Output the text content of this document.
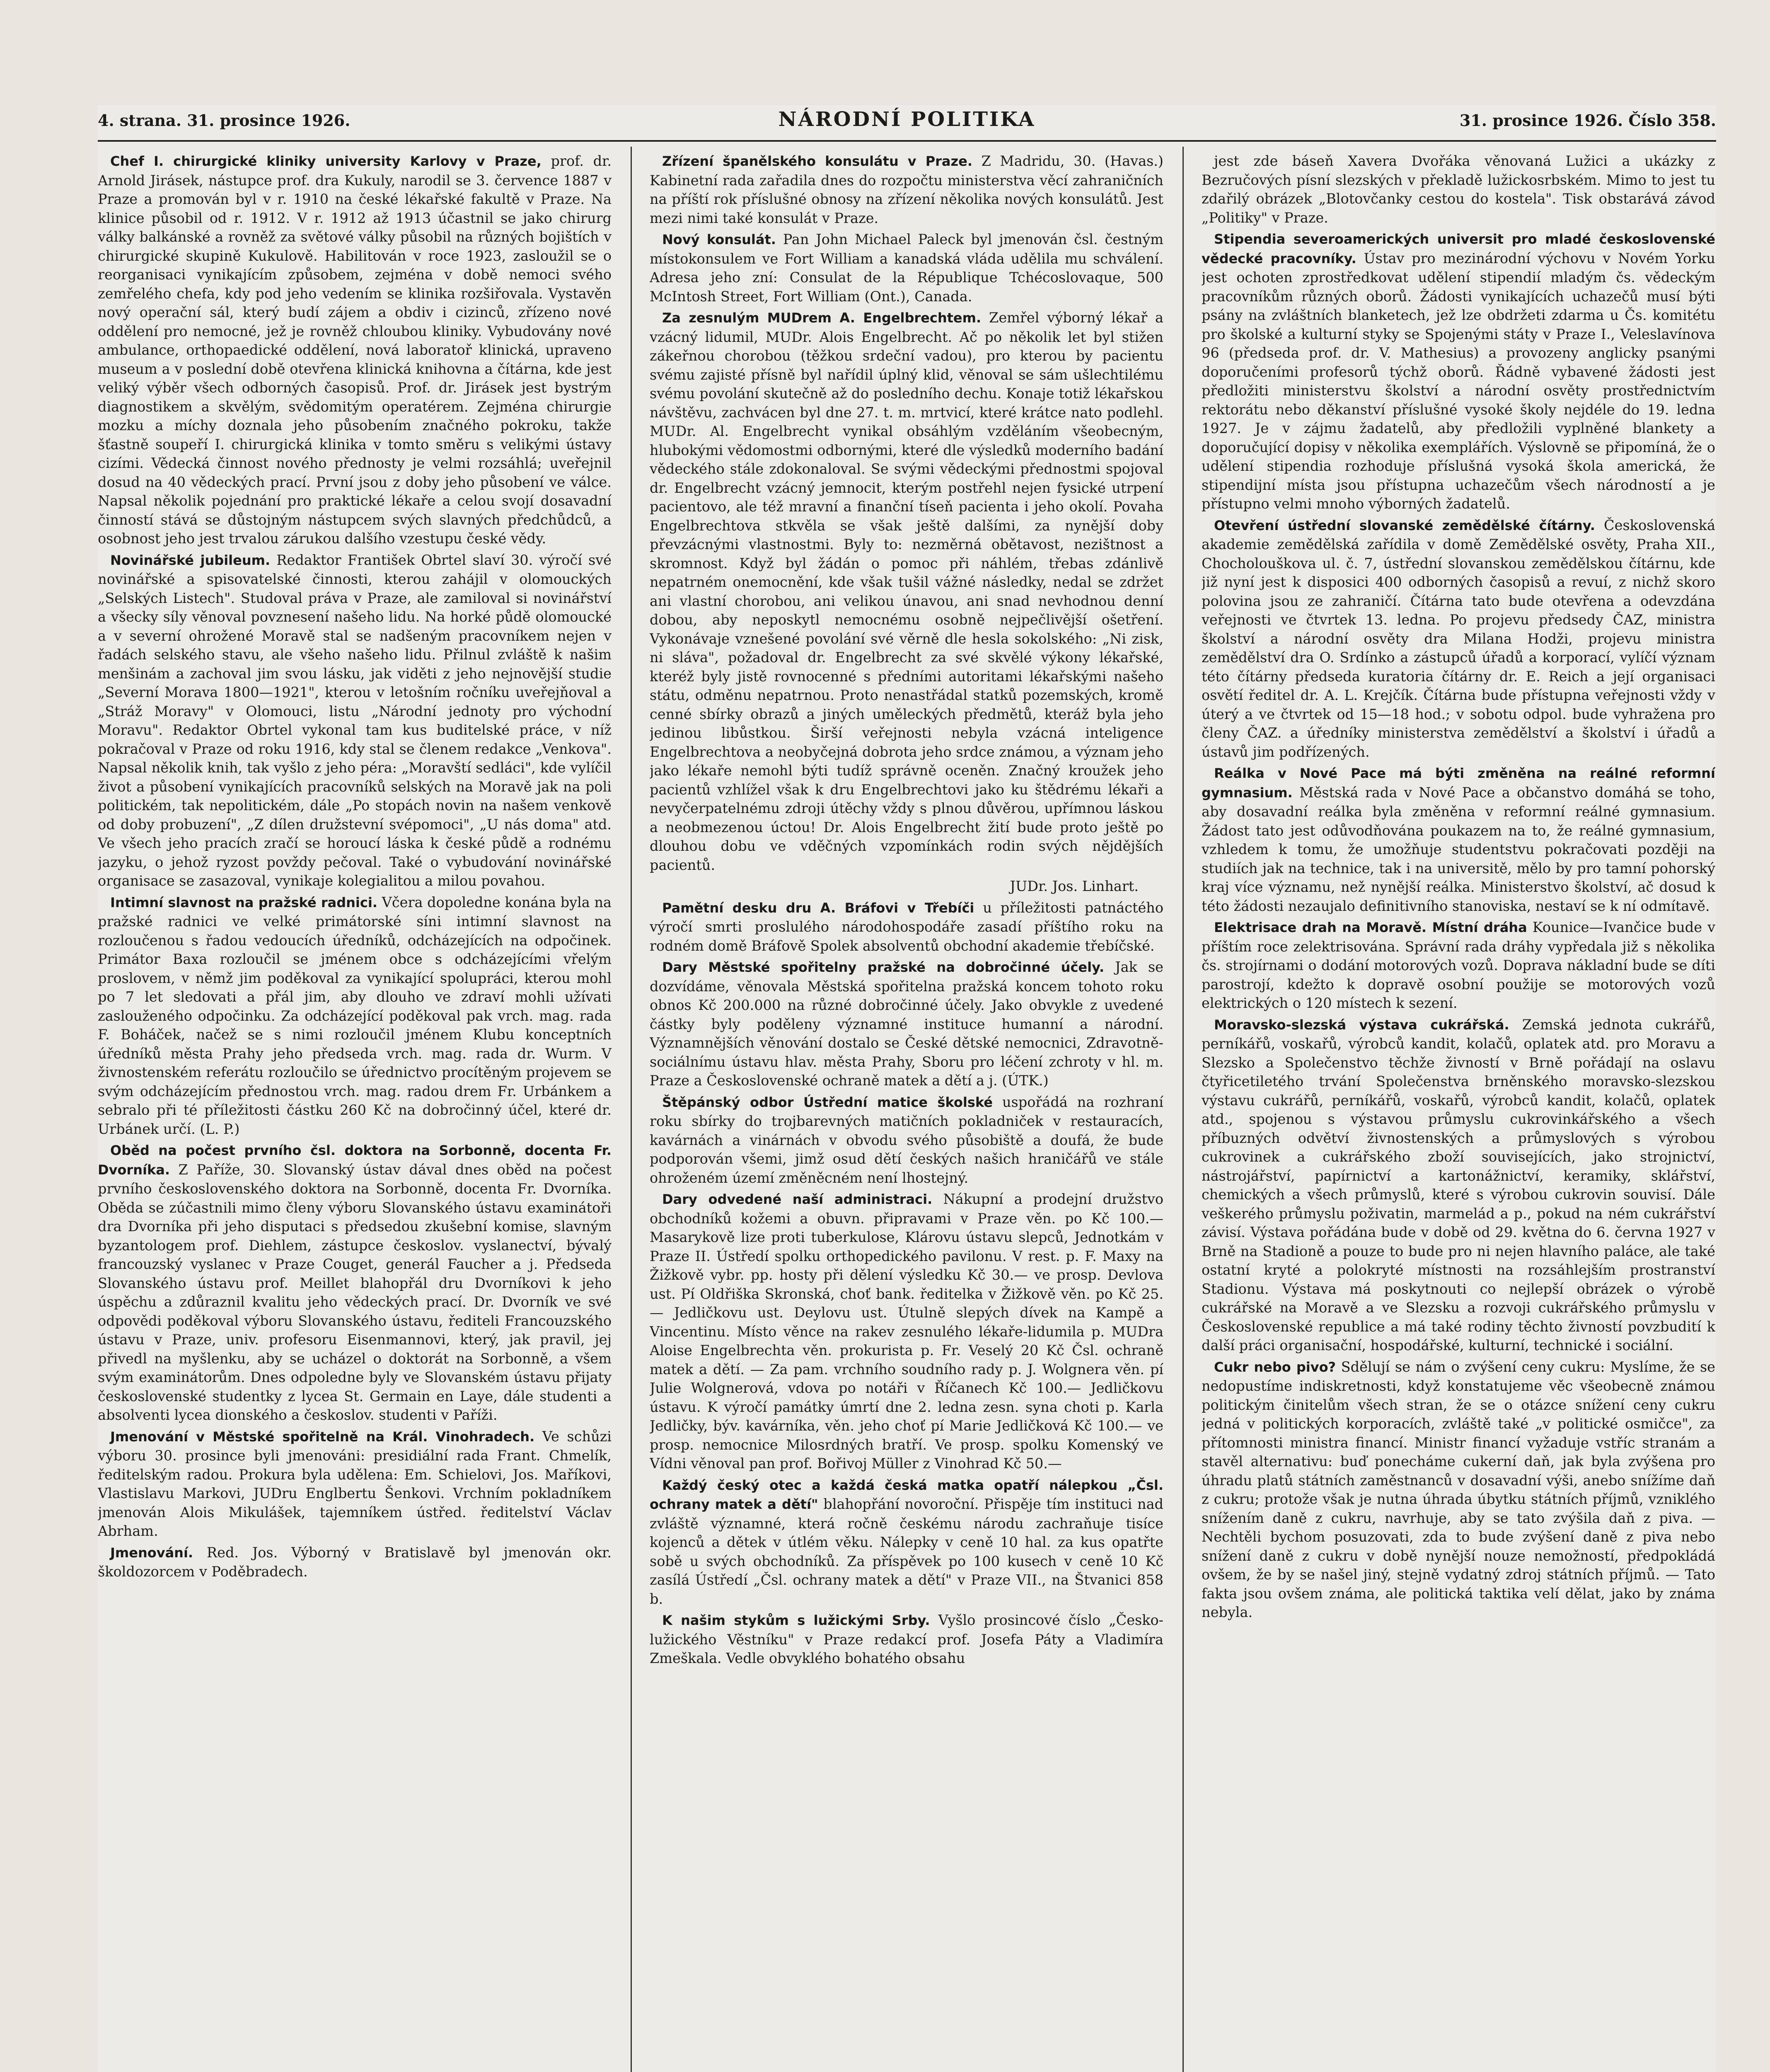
4. strana. 31. prosince 1926.	NÁRODNÍ POLITIKA	31. prosince 1926. Číslo 358.

Chef I. chirurgické kliniky university Karlovy v Praze, prof. dr. Arnold Jirásek, nástupce prof. dra Kukuly, narodil se 3. července 1887 v Praze a promován byl v r. 1910 na české lékařské fakultě v Praze. Na klinice působil od r. 1912. V r. 1912 až 1913 účastnil se jako chirurg války balkánské a rovněž za světové války působil na různých bojištích v chirurgické skupině Kukulově. Habilitován v roce 1923, zasloužil se o reorganisaci vynikajícím způsobem, zejména v době nemoci svého zemřelého chefa, kdy pod jeho vedením se klinika rozšiřovala. Vystavěn nový operační sál, který budí zájem a obdiv i cizinců, zřízeno nové oddělení pro nemocné, jež je rovněž chloubou kliniky. Vybudovány nové ambulance, orthopaedické oddělení, nová laboratoř klinická, upraveno museum a v poslední době otevřena klinická knihovna a čítárna, kde jest veliký výběr všech odborných časopisů. Prof. dr. Jirásek jest bystrým diagnostikem a skvělým, svědomitým operatérem. Zejména chirurgie mozku a míchy doznala jeho působením značného pokroku, takže šťastně soupeří I. chirurgická klinika v tomto směru s velikými ústavy cizími. Vědecká činnost nového přednosty je velmi rozsáhlá; uveřejnil dosud na 40 vědeckých prací. První jsou z doby jeho působení ve válce. Napsal několik pojednání pro praktické lékaře a celou svojí dosavadní činností stává se důstojným nástupcem svých slavných předchůdců, a osobnost jeho jest trvalou zárukou dalšího vzestupu české vědy.

Novinářské jubileum. Redaktor František Obrtel slaví 30. výročí své novinářské a spisovatelské činnosti, kterou zahájil v olomouckých „Selských Listech". Studoval práva v Praze, ale zamiloval si novinářství a všecky síly věnoval povznesení našeho lidu. Na horké půdě olomoucké a v severní ohrožené Moravě stal se nadšeným pracovníkem nejen v řadách selského stavu, ale všeho našeho lidu. Přilnul zvláště k našim menšinám a zachoval jim svou lásku, jak viděti z jeho nejnovější studie „Severní Morava 1800—1921", kterou v letošním ročníku uveřejňoval a „Stráž Moravy" v Olomouci, listu „Národní jednoty pro východní Moravu". Redaktor Obrtel vykonal tam kus buditelské práce, v níž pokračoval v Praze od roku 1916, kdy stal se členem redakce „Venkova". Napsal několik knih, tak vyšlo z jeho péra: „Moravští sedláci", kde vylíčil život a působení vynikajících pracovníků selských na Moravě jak na poli politickém, tak nepolitickém, dále „Po stopách novin na našem venkově od doby probuzení", „Z dílen družstevní svépomoci", „U nás doma" atd. Ve všech jeho pracích zračí se horoucí láska k české půdě a rodnému jazyku, o jehož ryzost povždy pečoval. Také o vybudování novinářské organisace se zasazoval, vynikaje kolegialitou a milou povahou.

Intimní slavnost na pražské radnici. Včera dopoledne konána byla na pražské radnici ve velké primátorské síni intimní slavnost na rozloučenou s řadou vedoucích úředníků, odcházejících na odpočinek. Primátor Baxa rozloučil se jménem obce s odcházejícími vřelým proslovem, v němž jim poděkoval za vynikající spolupráci, kterou mohl po 7 let sledovati a přál jim, aby dlouho ve zdraví mohli užívati zaslouženého odpočinku. Za odcházející poděkoval pak vrch. mag. rada F. Boháček, načež se s nimi rozloučil jménem Klubu konceptních úředníků města Prahy jeho předseda vrch. mag. rada dr. Wurm. V živnostenském referátu rozloučilo se úřednictvo procítěným projevem se svým odcházejícím přednostou vrch. mag. radou drem Fr. Urbánkem a sebralo při té příležitosti částku 260 Kč na dobročinný účel, které dr. Urbánek určí. (L. P.)

Oběd na počest prvního čsl. doktora na Sorbonně, docenta Fr. Dvorníka. Z Paříže, 30. Slovanský ústav dával dnes oběd na počest prvního československého doktora na Sorbonně, docenta Fr. Dvorníka. Oběda se zúčastnili mimo členy výboru Slovanského ústavu examinátoři dra Dvorníka při jeho disputaci s předsedou zkušební komise, slavným byzantologem prof. Diehlem, zástupce českoslov. vyslanectví, bývalý francouzský vyslanec v Praze Couget, generál Faucher a j. Předseda Slovanského ústavu prof. Meillet blahopřál dru Dvorníkovi k jeho úspěchu a zdůraznil kvalitu jeho vědeckých prací. Dr. Dvorník ve své odpovědi poděkoval výboru Slovanského ústavu, řediteli Francouzského ústavu v Praze, univ. profesoru Eisenmannovi, který, jak pravil, jej přivedl na myšlenku, aby se ucházel o doktorát na Sorbonně, a všem svým examinátorům. Dnes odpoledne byly ve Slovanském ústavu přijaty československé studentky z lycea St. Germain en Laye, dále studenti a absolventi lycea dionského a českoslov. studenti v Paříži.

Jmenování v Městské spořitelně na Král. Vinohradech. Ve schůzi výboru 30. prosince byli jmenováni: presidiální rada Frant. Chmelík, ředitelským radou. Prokura byla udělena: Em. Schielovi, Jos. Maříkovi, Vlastislavu Markovi, JUDru Englbertu Šenkovi. Vrchním pokladníkem jmenován Alois Mikulášek, tajemníkem ústřed. ředitelství Václav Abrham.

Jmenování. Red. Jos. Výborný v Bratislavě byl jmenován okr. školdozorcem v Poděbradech.

Zřízení španělského konsulátu v Praze. Z Madridu, 30. (Havas.) Kabinetní rada zařadila dnes do rozpočtu ministerstva věcí zahraničních na příští rok příslušné obnosy na zřízení několika nových konsulátů. Jest mezi nimi také konsulát v Praze.

Nový konsulát. Pan John Michael Paleck byl jmenován čsl. čestným místokonsulem ve Fort William a kanadská vláda udělila mu schválení. Adresa jeho zní: Consulat de la République Tchécoslovaque, 500 McIntosh Street, Fort William (Ont.), Canada.

Za zesnulým MUDrem A. Engelbrechtem. Zemřel výborný lékař a vzácný lidumil, MUDr. Alois Engelbrecht. Ač po několik let byl stižen zákeřnou chorobou (těžkou srdeční vadou), pro kterou by pacientu svému zajisté přísně byl nařídil úplný klid, věnoval se sám ušlechtilému svému povolání skutečně až do posledního dechu. Konaje totiž lékařskou návštěvu, zachvácen byl dne 27. t. m. mrtvicí, které krátce nato podlehl. MUDr. Al. Engelbrecht vynikal obsáhlým vzděláním všeobecným, hlubokými vědomostmi odbornými, které dle výsledků moderního badání vědeckého stále zdokonaloval. Se svými vědeckými přednostmi spojoval dr. Engelbrecht vzácný jemnocit, kterým postřehl nejen fysické utrpení pacientovo, ale též mravní a finanční tíseň pacienta i jeho okolí. Povaha Engelbrechtova stkvěla se však ještě dalšími, za nynější doby převzácnými vlastnostmi. Byly to: nezměrná obětavost, nezištnost a skromnost. Když byl žádán o pomoc při náhlém, třebas zdánlivě nepatrném onemocnění, kde však tušil vážné následky, nedal se zdržet ani vlastní chorobou, ani velikou únavou, ani snad nevhodnou denní dobou, aby neposkytl nemocnému osobně nejpečlivější ošetření. Vykonávaje vznešené povolání své věrně dle hesla sokolského: „Ni zisk, ni sláva", požadoval dr. Engelbrecht za své skvělé výkony lékařské, kteréž byly jistě rovnocenné s předními autoritami lékařskými našeho státu, odměnu nepatrnou. Proto nenastřádal statků pozemských, kromě cenné sbírky obrazů a jiných uměleckých předmětů, kteráž byla jeho jedinou libůstkou. Širší veřejnosti nebyla vzácná inteligence Engelbrechtova a neobyčejná dobrota jeho srdce známou, a význam jeho jako lékaře nemohl býti tudíž správně oceněn. Značný kroužek jeho pacientů vzhlížel však k dru Engelbrechtovi jako ku štědrému lékaři a nevyčerpatelnému zdroji útěchy vždy s plnou důvěrou, upřímnou láskou a neobmezenou úctou! Dr. Alois Engelbrecht žití bude proto ještě po dlouhou dobu ve vděčných vzpomínkách rodin svých nějdějších pacientů.

JUDr. Jos. Linhart.

Pamětní desku dru A. Bráfovi v Třebíči u příležitosti patnáctého výročí smrti proslulého národohospodáře zasadí příštího roku na rodném domě Bráfově Spolek absolventů obchodní akademie třebíčské.

Dary Městské spořitelny pražské na dobročinné účely. Jak se dozvídáme, věnovala Městská spořitelna pražská koncem tohoto roku obnos Kč 200.000 na různé dobročinné účely. Jako obvykle z uvedené částky byly poděleny významné instituce humanní a národní. Významnějších věnování dostalo se České dětské nemocnici, Zdravotně-sociálnímu ústavu hlav. města Prahy, Sboru pro léčení zchroty v hl. m. Praze a Československé ochraně matek a dětí a j. (ÚTK.)

Štěpánský odbor Ústřední matice školské uspořádá na rozhraní roku sbírky do trojbarevných matičních pokladniček v restauracích, kavárnách a vinárnách v obvodu svého působiště a doufá, že bude podporován všemi, jimž osud dětí českých našich hraničářů ve stále ohroženém území změněcném není lhostejný.

Dary odvedené naší administraci. Nákupní a prodejní družstvo obchodníků kožemi a obuvn. připravami v Praze věn. po Kč 100.— Masarykově lize proti tuberkulose, Klárovu ústavu slepců, Jednotkám v Praze II. Ústředí spolku orthopedického pavilonu. V rest. p. F. Maxy na Žižkově vybr. pp. hosty při dělení výsledku Kč 30.— ve prosp. Devlova ust. Pí Oldřiška Skronská, choť bank. ředitelka v Žižkově věn. po Kč 25.— Jedličkovu ust. Deylovu ust. Útulně slepých dívek na Kampě a Vincentinu. Místo věnce na rakev zesnulého lékaře-lidumila p. MUDra Aloise Engelbrechta věn. prokurista p. Fr. Veselý 20 Kč Čsl. ochraně matek a dětí. — Za pam. vrchního soudního rady p. J. Wolgnera věn. pí Julie Wolgnerová, vdova po notáři v Říčanech Kč 100.— Jedličkovu ústavu. K výročí památky úmrtí dne 2. ledna zesn. syna choti p. Karla Jedličky, býv. kavárníka, věn. jeho choť pí Marie Jedličková Kč 100.— ve prosp. nemocnice Milosrdných bratří. Ve prosp. spolku Komenský ve Vídni věnoval pan prof. Bořivoj Müller z Vinohrad Kč 50.—

Každý český otec a každá česká matka opatří nálepkou „Čsl. ochrany matek a dětí" blahopřání novoroční. Přispěje tím instituci nad zvláště významné, která ročně českému národu zachraňuje tisíce kojenců a dětek v útlém věku. Nálepky v ceně 10 hal. za kus opatřte sobě u svých obchodníků. Za příspěvek po 100 kusech v ceně 10 Kč zasílá Ústředí „Čsl. ochrany matek a dětí" v Praze VII., na Štvanici 858 b.

K našim stykům s lužickými Srby. Vyšlo prosincové číslo „Česko-lužického Věstníku" v Praze redakcí prof. Josefa Páty a Vladimíra Zmeškala. Vedle obvyklého bohatého obsahu

jest zde báseň Xavera Dvořáka věnovaná Lužici a ukázky z Bezručových písní slezských v překladě lužickosrbském. Mimo to jest tu zdařilý obrázek „Blotovčanky cestou do kostela". Tisk obstarává závod „Politiky" v Praze.

Stipendia severoamerických universit pro mladé československé vědecké pracovníky. Ústav pro mezinárodní výchovu v Novém Yorku jest ochoten zprostředkovat udělení stipendií mladým čs. vědeckým pracovníkům různých oborů. Žádosti vynikajících uchazečů musí býti psány na zvláštních blanketech, jež lze obdržeti zdarma u Čs. komitétu pro školské a kulturní styky se Spojenými státy v Praze I., Veleslavínova 96 (předseda prof. dr. V. Mathesius) a provozeny anglicky psanými doporučeními profesorů týchž oborů. Řádně vybavené žádosti jest předložiti ministerstvu školství a národní osvěty prostřednictvím rektorátu nebo děkanství příslušné vysoké školy nejdéle do 19. ledna 1927. Je v zájmu žadatelů, aby předložili vyplněné blankety a doporučující dopisy v několika exemplářích. Výslovně se připomíná, že o udělení stipendia rozhoduje příslušná vysoká škola americká, že stipendijní místa jsou přístupna uchazečům všech národností a je přístupno velmi mnoho výborných žadatelů.

Otevření ústřední slovanské zemědělské čítárny. Československá akademie zemědělská zařídila v domě Zemědělské osvěty, Praha XII., Chocholouškova ul. č. 7, ústřední slovanskou zemědělskou čítárnu, kde již nyní jest k disposici 400 odborných časopisů a revuí, z nichž skoro polovina jsou ze zahraničí. Čítárna tato bude otevřena a odevzdána veřejnosti ve čtvrtek 13. ledna. Po projevu předsedy ČAZ, ministra školství a národní osvěty dra Milana Hodži, projevu ministra zemědělství dra O. Srdínko a zástupců úřadů a korporací, vylíčí význam této čítárny předseda kuratoria čítárny dr. E. Reich a její organisaci osvětí ředitel dr. A. L. Krejčík. Čítárna bude přístupna veřejnosti vždy v úterý a ve čtvrtek od 15—18 hod.; v sobotu odpol. bude vyhražena pro členy ČAZ. a úředníky ministerstva zemědělství a školství i úřadů a ústavů jim podřízených.

Reálka v Nové Pace má býti změněna na reálné reformní gymnasium. Městská rada v Nové Pace a občanstvo domáhá se toho, aby dosavadní reálka byla změněna v reformní reálné gymnasium. Žádost tato jest odůvodňována poukazem na to, že reálné gymnasium, vzhledem k tomu, že umožňuje studentstvu pokračovati později na studiích jak na technice, tak i na universitě, mělo by pro tamní pohorský kraj více významu, než nynější reálka. Ministerstvo školství, ač dosud k této žádosti nezaujalo definitivního stanoviska, nestaví se k ní odmítavě.

Elektrisace drah na Moravě. Místní dráha Kounice—Ivančice bude v příštím roce zelektrisována. Správní rada dráhy vypředala již s několika čs. strojírnami o dodání motorových vozů. Doprava nákladní bude se díti parostrojí, kdežto k dopravě osobní použije se motorových vozů elektrických o 120 místech k sezení.

Moravsko-slezská výstava cukrářská. Zemská jednota cukrářů, perníkářů, voskařů, výrobců kandit, kolačů, oplatek atd. pro Moravu a Slezsko a Společenstvo těchže živností v Brně pořádají na oslavu čtyřicetiletého trvání Společenstva brněnského moravsko-slezskou výstavu cukrářů, perníkářů, voskařů, výrobců kandit, kolačů, oplatek atd., spojenou s výstavou průmyslu cukrovinkářského a všech příbuzných odvětví živnostenských a průmyslových s výrobou cukrovinek a cukrářského zboží souvisejících, jako strojnictví, nástrojářství, papírnictví a kartonážnictví, keramiky, sklářství, chemických a všech průmyslů, které s výrobou cukrovin souvisí. Dále veškerého průmyslu poživatin, marmelád a p., pokud na ném cukrářství závisí. Výstava pořádána bude v době od 29. května do 6. června 1927 v Brně na Stadioně a pouze to bude pro ni nejen hlavního paláce, ale také ostatní kryté a polokryté místnosti na rozsáhlejším prostranství Stadionu. Výstava má poskytnouti co nejlepší obrázek o výrobě cukrářské na Moravě a ve Slezsku a rozvoji cukrářského průmyslu v Československé republice a má také rodiny těchto živností povzbudití k další práci organisační, hospodářské, kulturní, technické i sociální.

Cukr nebo pivo? Sdělují se nám o zvýšení ceny cukru: Myslíme, že se nedopustíme indiskretnosti, když konstatujeme věc všeobecně známou politickým činitelům všech stran, že se o otázce snížení ceny cukru jedná v politických korporacích, zvláště také „v politické osmičce", za přítomnosti ministra financí. Ministr financí vyžaduje vstříc stranám a stavěl alternativu: buď ponecháme cukerní daň, jak byla zvýšena pro úhradu platů státních zaměstnanců v dosavadní výši, anebo snížíme daň z cukru; protože však je nutna úhrada úbytku státních příjmů, vzniklého snížením daně z cukru, navrhuje, aby se tato zvýšila daň z piva. — Nechtěli bychom posuzovati, zda to bude zvýšení daně z piva nebo snížení daně z cukru v době nynější nouze nemožností, předpokládá ovšem, že by se našel jiný, stejně vydatný zdroj státních příjmů. — Tato fakta jsou ovšem známa, ale politická taktika velí dělat, jako by známa nebyla.
